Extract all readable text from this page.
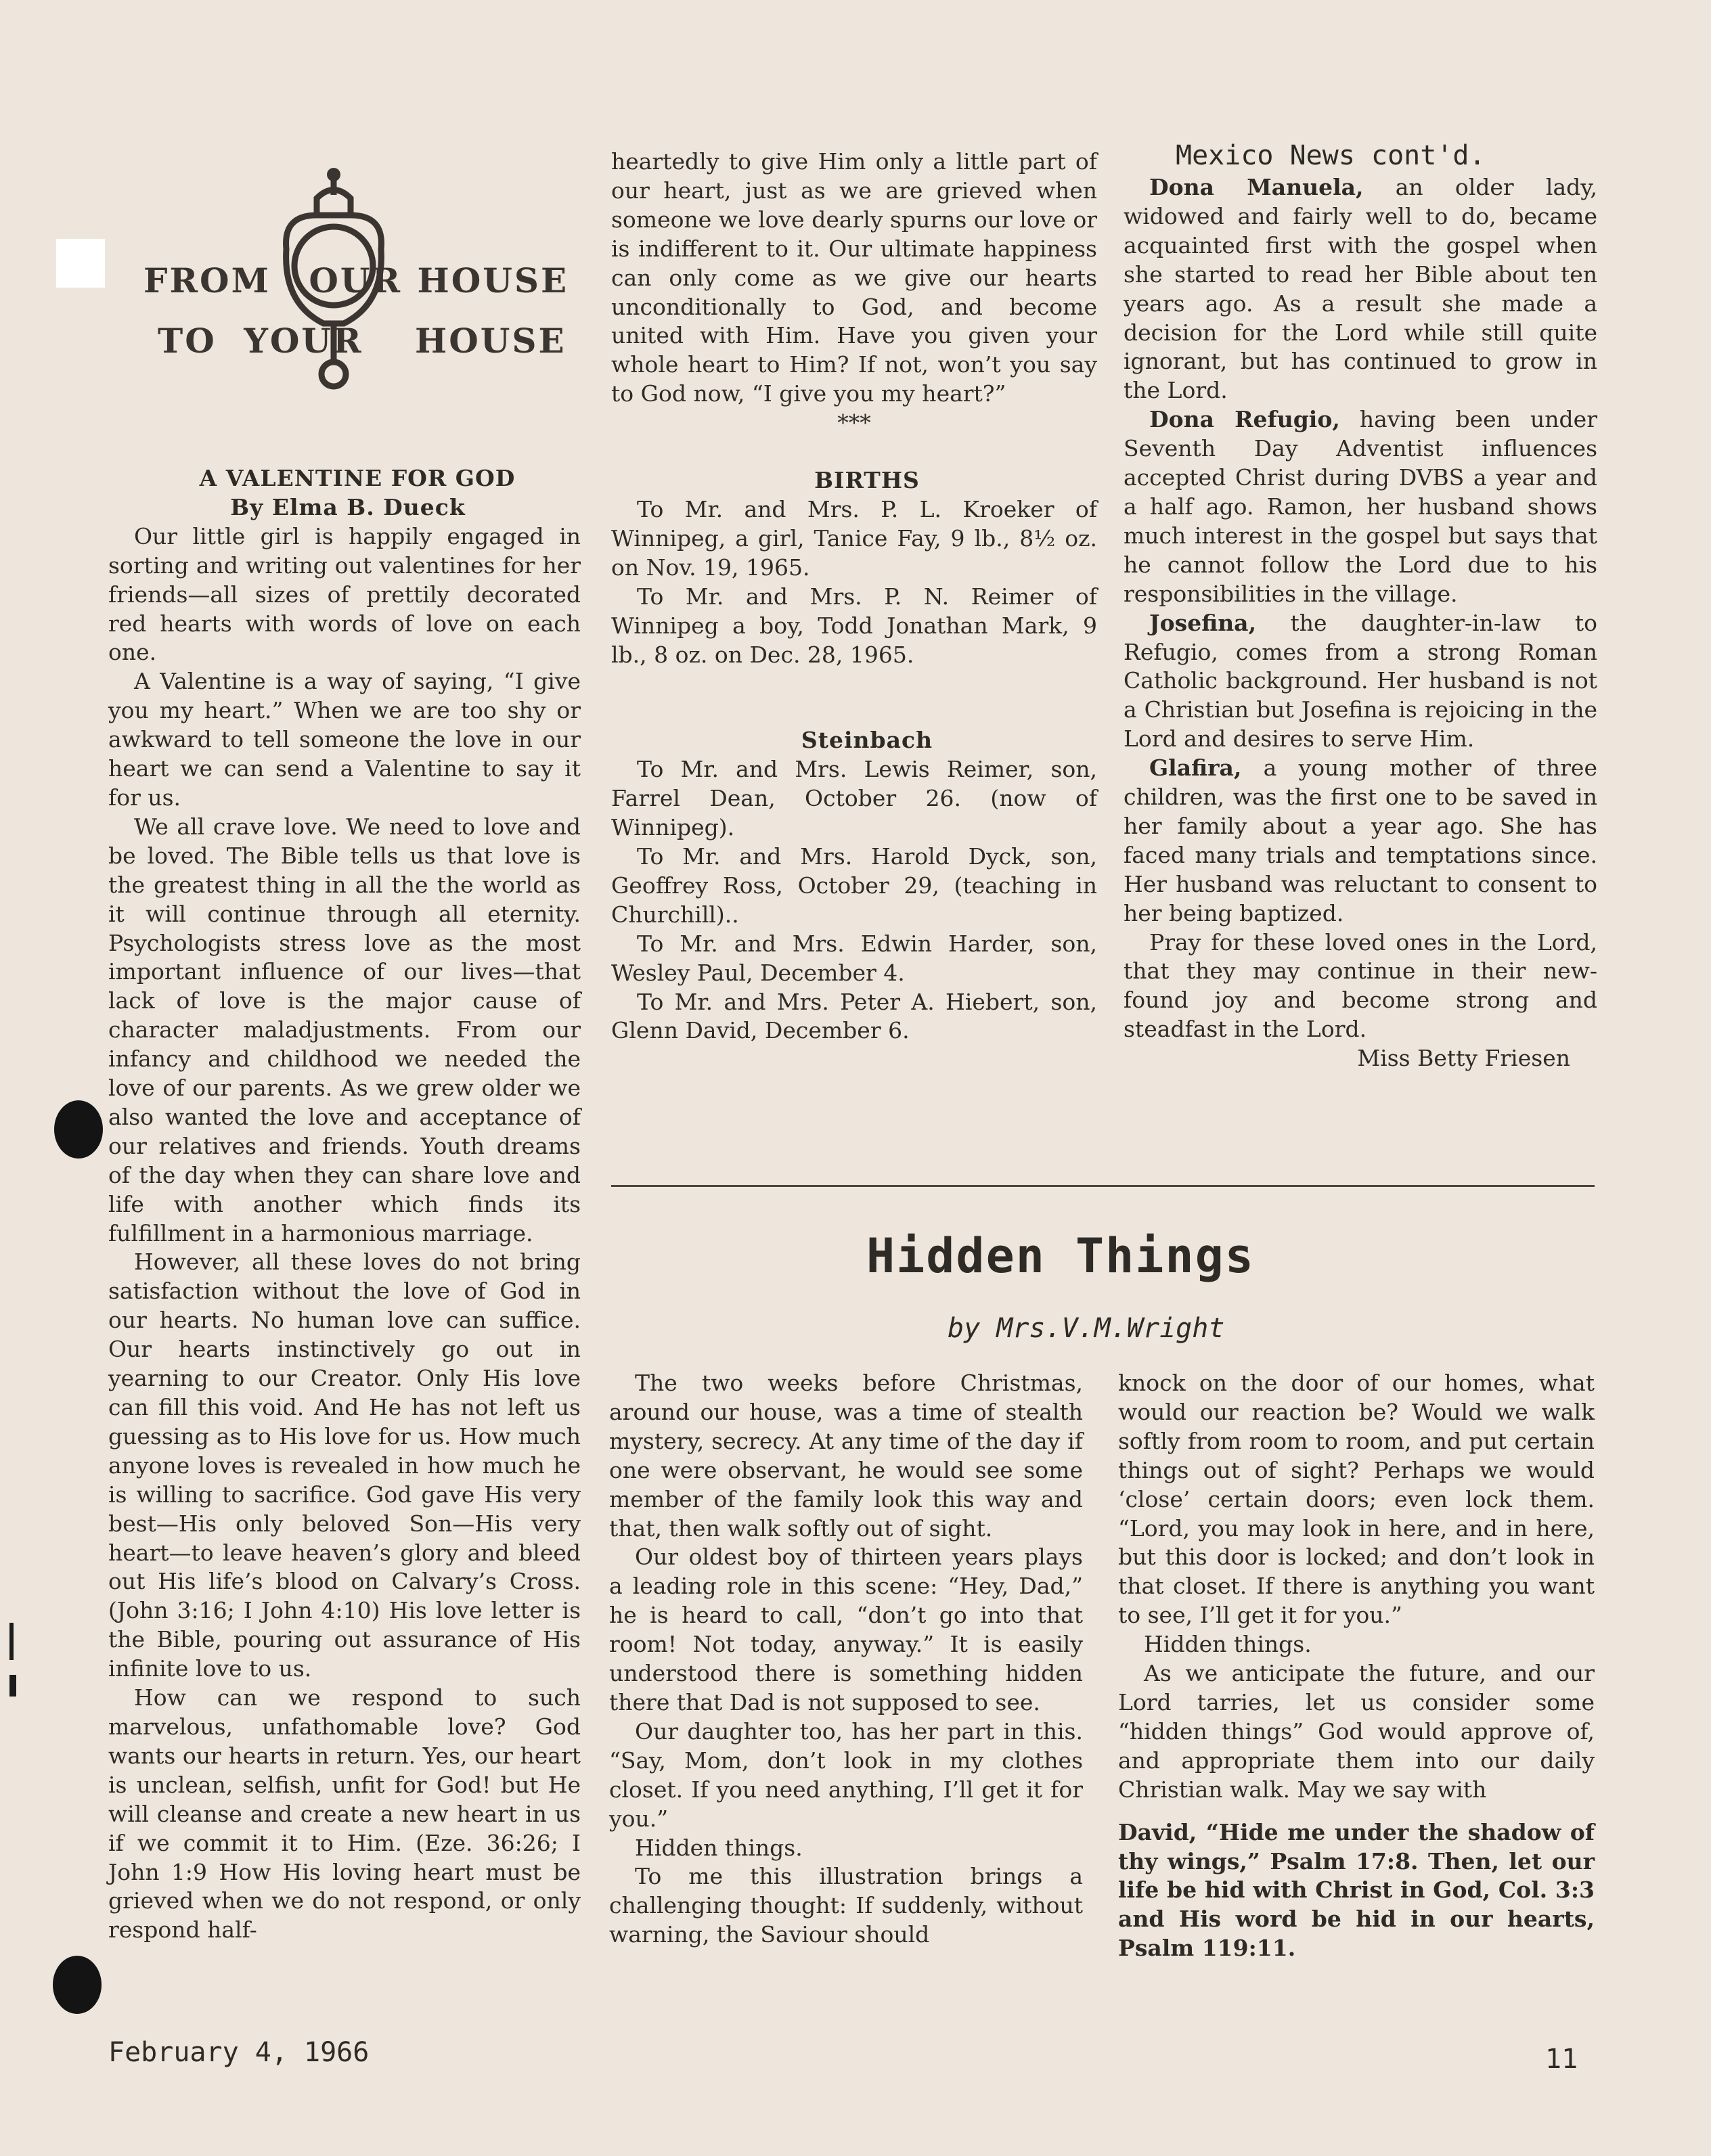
FROM OUR HOUSE
TO YOUR HOUSE

A VALENTINE FOR GOD

By Elma B. Dueck

Our little girl is happily engaged in sorting and writing out valentines for her friends—all sizes of prettily decorated red hearts with words of love on each one.

A Valentine is a way of saying, “I give you my heart.” When we are too shy or awkward to tell someone the love in our heart we can send a Valentine to say it for us.

We all crave love. We need to love and be loved. The Bible tells us that love is the greatest thing in all the the world as it will continue through all eternity. Psychologists stress love as the most important influence of our lives—that lack of love is the major cause of character maladjustments. From our infancy and childhood we needed the love of our parents. As we grew older we also wanted the love and acceptance of our relatives and friends. Youth dreams of the day when they can share love and life with another which finds its fulfillment in a harmonious marriage.

However, all these loves do not bring satisfaction without the love of God in our hearts. No human love can suffice. Our hearts instinctively go out in yearning to our Creator. Only His love can fill this void. And He has not left us guessing as to His love for us. How much anyone loves is revealed in how much he is willing to sacrifice. God gave His very best—His only beloved Son—His very heart—to leave heaven’s glory and bleed out His life’s blood on Calvary’s Cross. (John 3:16; I John 4:10) His love letter is the Bible, pouring out assurance of His infinite love to us.

How can we respond to such marvelous, unfathomable love? God wants our hearts in return. Yes, our heart is unclean, selfish, unfit for God! but He will cleanse and create a new heart in us if we commit it to Him. (Eze. 36:26; I John 1:9 How His loving heart must be grieved when we do not respond, or only respond half-

heartedly to give Him only a little part of our heart, just as we are grieved when someone we love dearly spurns our love or is indifferent to it. Our ultimate happiness can only come as we give our hearts unconditionally to God, and become united with Him. Have you given your whole heart to Him? If not, won’t you say to God now, “I give you my heart?”

***

BIRTHS

To Mr. and Mrs. P. L. Kroeker of Winnipeg, a girl, Tanice Fay, 9 lb., 8½ oz. on Nov. 19, 1965.

To Mr. and Mrs. P. N. Reimer of Winnipeg a boy, Todd Jonathan Mark, 9 lb., 8 oz. on Dec. 28, 1965.

Steinbach

To Mr. and Mrs. Lewis Reimer, son, Farrel Dean, October 26. (now of Winnipeg).

To Mr. and Mrs. Harold Dyck, son, Geoffrey Ross, October 29, (teaching in Churchill)..

To Mr. and Mrs. Edwin Harder, son, Wesley Paul, December 4.

To Mr. and Mrs. Peter A. Hiebert, son, Glenn David, December 6.

Mexico News cont'd.

Dona Manuela, an older lady, widowed and fairly well to do, became acquainted first with the gospel when she started to read her Bible about ten years ago. As a result she made a decision for the Lord while still quite ignorant, but has continued to grow in the Lord.

Dona Refugio, having been under Seventh Day Adventist influences accepted Christ during DVBS a year and a half ago. Ramon, her husband shows much interest in the gospel but says that he cannot follow the Lord due to his responsibilities in the village.

Josefina, the daughter-in-law to Refugio, comes from a strong Roman Catholic background. Her husband is not a Christian but Josefina is rejoicing in the Lord and desires to serve Him.

Glafira, a young mother of three children, was the first one to be saved in her family about a year ago. She has faced many trials and temptations since. Her husband was reluctant to consent to her being baptized.

Pray for these loved ones in the Lord, that they may continue in their new-found joy and become strong and steadfast in the Lord.

Miss Betty Friesen

Hidden Things
by Mrs.V.M.Wright

The two weeks before Christmas, around our house, was a time of stealth mystery, secrecy. At any time of the day if one were observant, he would see some member of the family look this way and that, then walk softly out of sight.

Our oldest boy of thirteen years plays a leading role in this scene: “Hey, Dad,” he is heard to call, “don’t go into that room! Not today, anyway.” It is easily understood there is something hidden there that Dad is not supposed to see.

Our daughter too, has her part in this. “Say, Mom, don’t look in my clothes closet. If you need anything, I’ll get it for you.”

Hidden things.

To me this illustration brings a challenging thought: If suddenly, without warning, the Saviour should

knock on the door of our homes, what would our reaction be? Would we walk softly from room to room, and put certain things out of sight? Perhaps we would ‘close’ certain doors; even lock them. “Lord, you may look in here, and in here, but this door is locked; and don’t look in that closet. If there is anything you want to see, I’ll get it for you.”

Hidden things.

As we anticipate the future, and our Lord tarries, let us consider some “hidden things” God would approve of, and appropriate them into our daily Christian walk. May we say with

David, “Hide me under the shadow of thy wings,” Psalm 17:8. Then, let our life be hid with Christ in God, Col. 3:3 and His word be hid in our hearts, Psalm 119:11.

February 4, 1966	11
